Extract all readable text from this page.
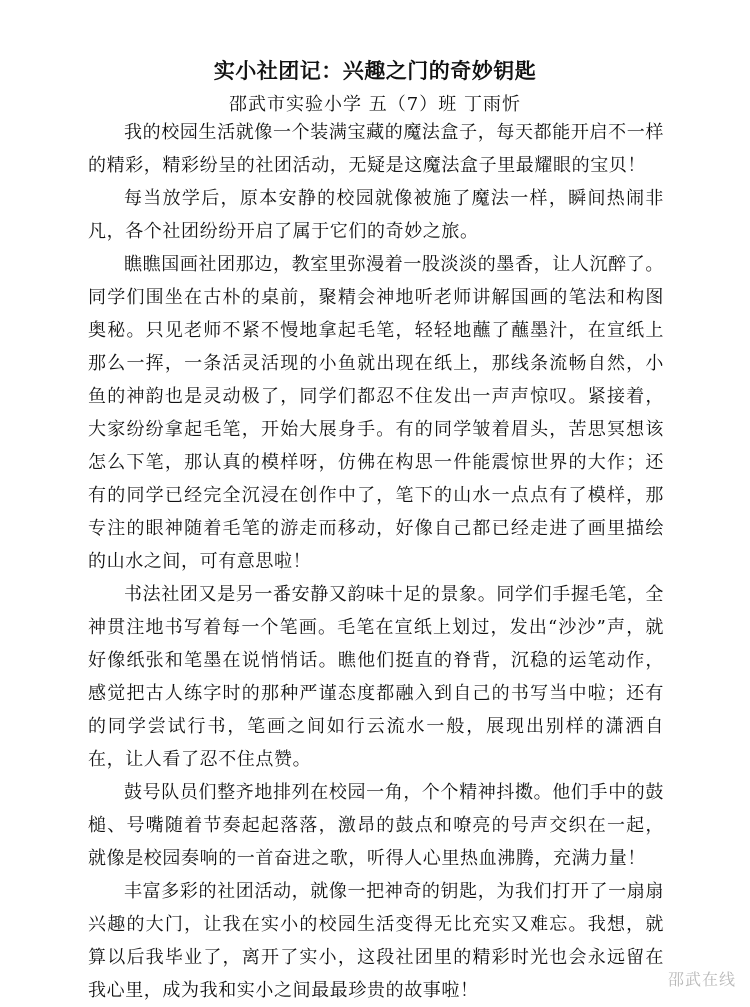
实小社团记：兴趣之门的奇妙钥匙
邵武市实验小学 五（7）班 丁雨忻

我的校园生活就像一个装满宝藏的魔法盒子，每天都能开启不一样的精彩，精彩纷呈的社团活动，无疑是这魔法盒子里最耀眼的宝贝！

每当放学后，原本安静的校园就像被施了魔法一样，瞬间热闹非凡，各个社团纷纷开启了属于它们的奇妙之旅。

瞧瞧国画社团那边，教室里弥漫着一股淡淡的墨香，让人沉醉了。同学们围坐在古朴的桌前，聚精会神地听老师讲解国画的笔法和构图奥秘。只见老师不紧不慢地拿起毛笔，轻轻地蘸了蘸墨汁，在宣纸上那么一挥，一条活灵活现的小鱼就出现在纸上，那线条流畅自然，小鱼的神韵也是灵动极了，同学们都忍不住发出一声声惊叹。紧接着，大家纷纷拿起毛笔，开始大展身手。有的同学皱着眉头，苦思冥想该怎么下笔，那认真的模样呀，仿佛在构思一件能震惊世界的大作；还有的同学已经完全沉浸在创作中了，笔下的山水一点点有了模样，那专注的眼神随着毛笔的游走而移动，好像自己都已经走进了画里描绘的山水之间，可有意思啦！

书法社团又是另一番安静又韵味十足的景象。同学们手握毛笔，全神贯注地书写着每一个笔画。毛笔在宣纸上划过，发出“沙沙”声，就好像纸张和笔墨在说悄悄话。瞧他们挺直的脊背，沉稳的运笔动作，感觉把古人练字时的那种严谨态度都融入到自己的书写当中啦；还有的同学尝试行书，笔画之间如行云流水一般，展现出别样的潇洒自在，让人看了忍不住点赞。

鼓号队员们整齐地排列在校园一角，个个精神抖擞。他们手中的鼓槌、号嘴随着节奏起起落落，激昂的鼓点和嘹亮的号声交织在一起，就像是校园奏响的一首奋进之歌，听得人心里热血沸腾，充满力量！

丰富多彩的社团活动，就像一把神奇的钥匙，为我们打开了一扇扇兴趣的大门，让我在实小的校园生活变得无比充实又难忘。我想，就算以后我毕业了，离开了实小，这段社团里的精彩时光也会永远留在我心里，成为我和实小之间最最珍贵的故事啦！

邵武在线
